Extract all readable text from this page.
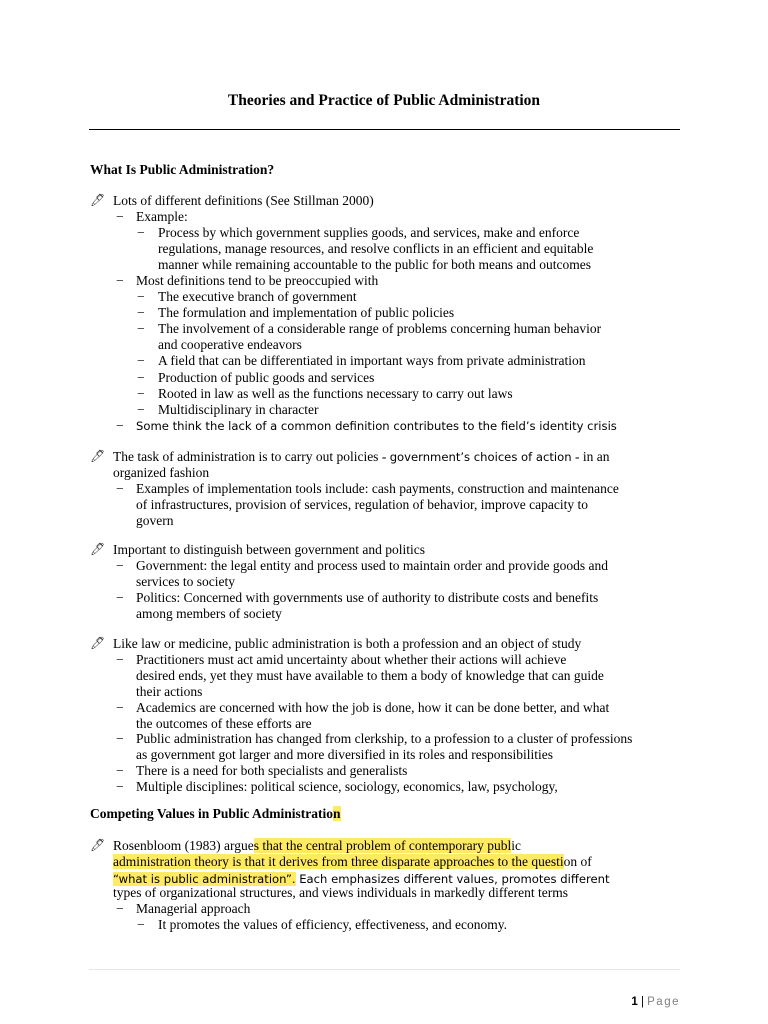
Theories and Practice of Public Administration
What Is Public Administration?
🖊 Lots of different definitions (See Stillman 2000)
− Example:
− Process by which government supplies goods, and services, make and enforce
regulations, manage resources, and resolve conflicts in an efficient and equitable
manner while remaining accountable to the public for both means and outcomes
− Most definitions tend to be preoccupied with
− The executive branch of government
− The formulation and implementation of public policies
− The involvement of a considerable range of problems concerning human behavior
and cooperative endeavors
− A field that can be differentiated in important ways from private administration
− Production of public goods and services
− Rooted in law as well as the functions necessary to carry out laws
− Multidisciplinary in character
− Some think the lack of a common definition contributes to the field’s identity crisis
🖊 The task of administration is to carry out policies - government’s choices of action - in an
organized fashion
− Examples of implementation tools include: cash payments, construction and maintenance
of infrastructures, provision of services, regulation of behavior, improve capacity to
govern
🖊 Important to distinguish between government and politics
− Government: the legal entity and process used to maintain order and provide goods and
services to society
− Politics: Concerned with governments use of authority to distribute costs and benefits
among members of society
🖊 Like law or medicine, public administration is both a profession and an object of study
− Practitioners must act amid uncertainty about whether their actions will achieve
desired ends, yet they must have available to them a body of knowledge that can guide
their actions
− Academics are concerned with how the job is done, how it can be done better, and what
the outcomes of these efforts are
− Public administration has changed from clerkship, to a profession to a cluster of professions
as government got larger and more diversified in its roles and responsibilities
− There is a need for both specialists and generalists
− Multiple disciplines: political science, sociology, economics, law, psychology,
Competing Values in Public Administration
🖊 Rosenbloom (1983) argues that the central problem of contemporary public
administration theory is that it derives from three disparate approaches to the question of
“what is public administration”. Each emphasizes different values, promotes different
types of organizational structures, and views individuals in markedly different terms
− Managerial approach
− It promotes the values of efficiency, effectiveness, and economy.
1 | Page
